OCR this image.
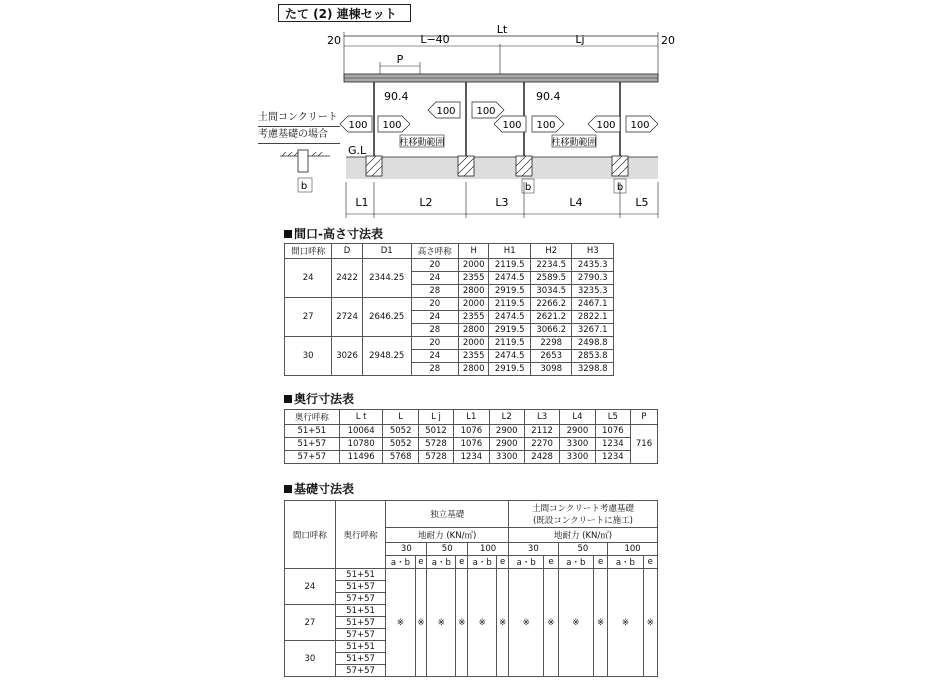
たて (2) 連棟セット
Lt
20	20
L−40	Lj
P
90.4	90.4
100 100
100 100
100 100	100 100
柱移動範囲	柱移動範囲
G.L
b	b
L1	L2	L3	L4	L5
土間コンクリート
考慮基礎の場合
b
間口-高さ寸法表
間口呼称	D	D1	高さ呼称	H	H1	H2	H3
24	2422	2344.25	20	2000	2119.5	2234.5	2435.3
			24	2355	2474.5	2589.5	2790.3
			28	2800	2919.5	3034.5	3235.3
27	2724	2646.25	20	2000	2119.5	2266.2	2467.1
			24	2355	2474.5	2621.2	2822.1
			28	2800	2919.5	3066.2	3267.1
30	3026	2948.25	20	2000	2119.5	2298	2498.8
			24	2355	2474.5	2653	2853.8
			28	2800	2919.5	3098	3298.8
奥行寸法表
奥行呼称	L t	L	L j	L1	L2	L3	L4	L5	P
51+51	10064	5052	5012	1076	2900	2112	2900	1076	716
51+57	10780	5052	5728	1076	2900	2270	3300	1234	
57+57	11496	5768	5728	1234	3300	2428	3300	1234	
基礎寸法表
間口呼称	奥行呼称	独立基礎						土間コンクリート考慮基礎
(既設コンクリートに施工)					

		地耐力 (KN/㎡)						地耐力 (KN/㎡)					
		30		50		100		30		50		100	
		a・b	e	a・b	e	a・b	e	a・b	e	a・b	e	a・b	e
24	51+51	※	※	※	※	※	※	※	※	※	※	※	※
	51+57												
	57+57												
27	51+51												
	51+57												
	57+57												
30	51+51												
	51+57												
	57+57												
